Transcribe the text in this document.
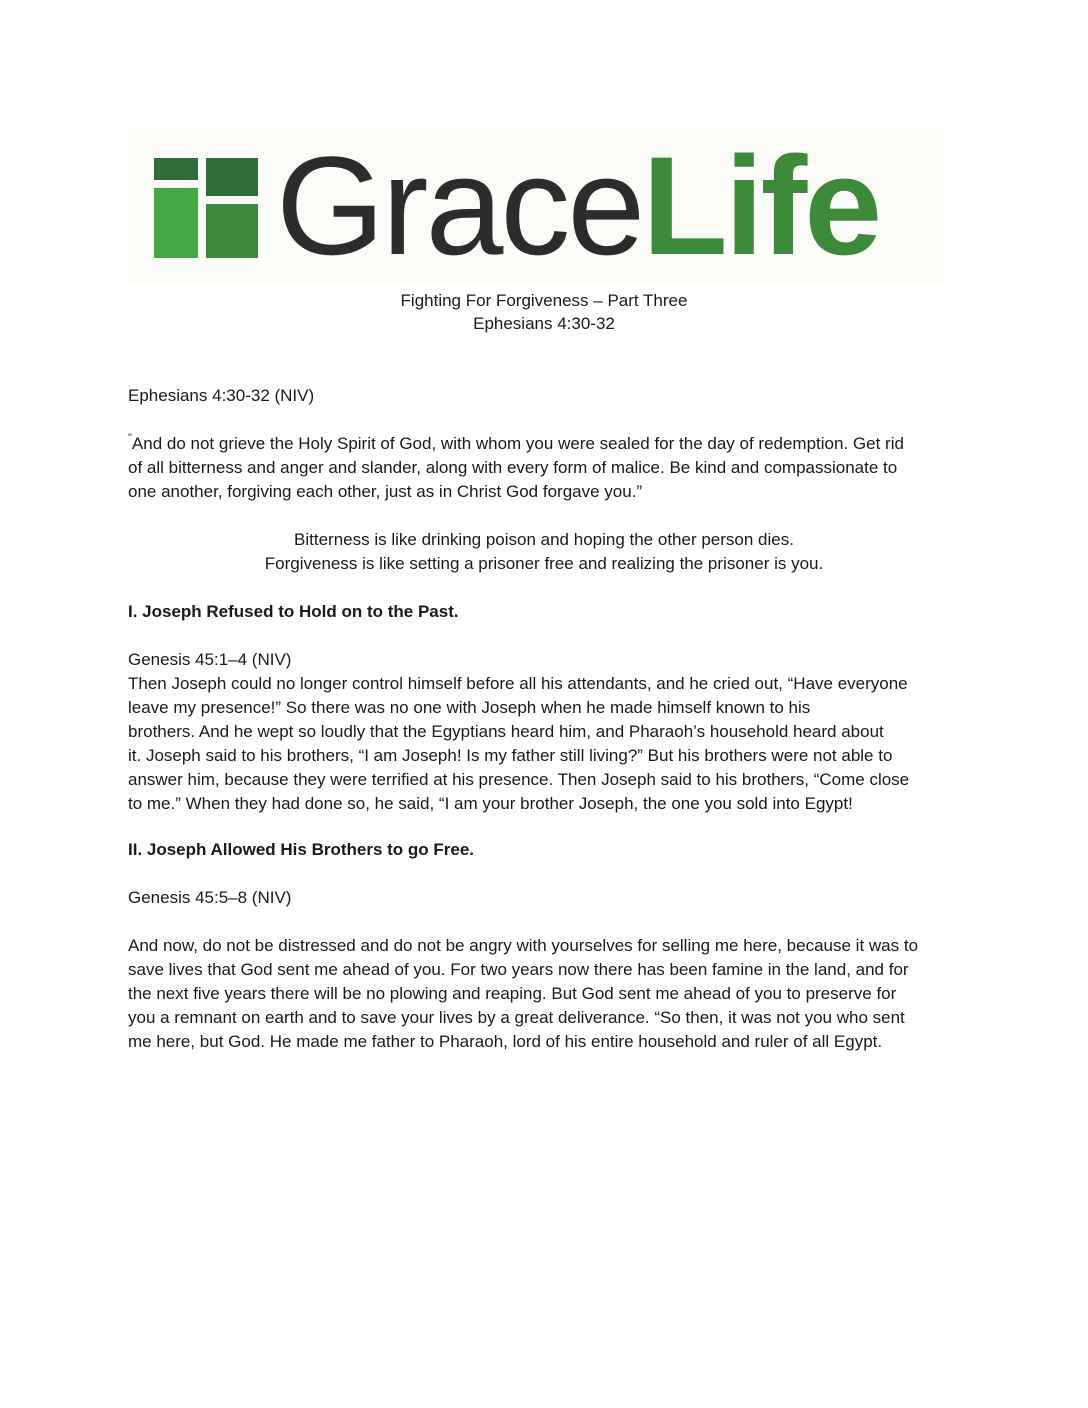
GraceLife
Fighting For Forgiveness – Part Three
Ephesians 4:30-32

Ephesians 4:30-32 (NIV)

"And do not grieve the Holy Spirit of God, with whom you were sealed for the day of redemption. Get rid

of all bitterness and anger and slander, along with every form of malice. Be kind and compassionate to

one another, forgiving each other, just as in Christ God forgave you.”

Bitterness is like drinking poison and hoping the other person dies.
Forgiveness is like setting a prisoner free and realizing the prisoner is you.

I. Joseph Refused to Hold on to the Past.

Genesis 45:1–4 (NIV)

Then Joseph could no longer control himself before all his attendants, and he cried out, “Have everyone

leave my presence!” So there was no one with Joseph when he made himself known to his

brothers. And he wept so loudly that the Egyptians heard him, and Pharaoh’s household heard about

it. Joseph said to his brothers, “I am Joseph! Is my father still living?” But his brothers were not able to

answer him, because they were terrified at his presence. Then Joseph said to his brothers, “Come close

to me.” When they had done so, he said, “I am your brother Joseph, the one you sold into Egypt!

II. Joseph Allowed His Brothers to go Free.

Genesis 45:5–8 (NIV)

And now, do not be distressed and do not be angry with yourselves for selling me here, because it was to

save lives that God sent me ahead of you. For two years now there has been famine in the land, and for

the next five years there will be no plowing and reaping. But God sent me ahead of you to preserve for

you a remnant on earth and to save your lives by a great deliverance. “So then, it was not you who sent

me here, but God. He made me father to Pharaoh, lord of his entire household and ruler of all Egypt.
